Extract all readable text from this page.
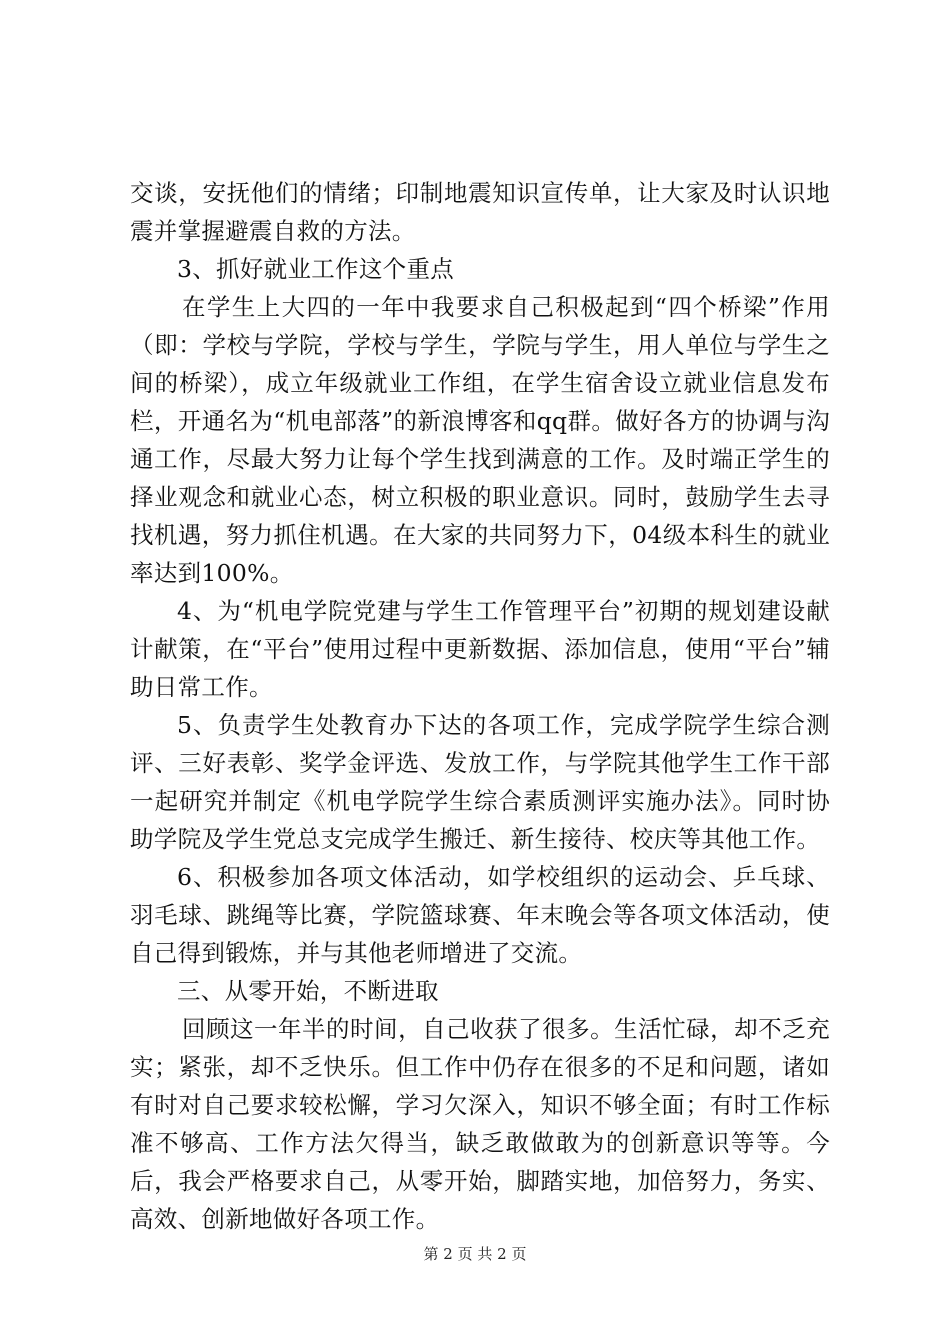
交谈，安抚他们的情绪；印制地震知识宣传单，让大家及时认识地震并掌握避震自救的方法。

3、抓好就业工作这个重点

在学生上大四的一年中我要求自己积极起到“四个桥梁”作用（即：学校与学院，学校与学生，学院与学生，用人单位与学生之间的桥梁），成立年级就业工作组，在学生宿舍设立就业信息发布栏，开通名为“机电部落”的新浪博客和qq群。做好各方的协调与沟通工作，尽最大努力让每个学生找到满意的工作。及时端正学生的择业观念和就业心态，树立积极的职业意识。同时，鼓励学生去寻找机遇，努力抓住机遇。在大家的共同努力下，04级本科生的就业率达到100%。

4、为“机电学院党建与学生工作管理平台”初期的规划建设献计献策，在“平台”使用过程中更新数据、添加信息，使用“平台”辅助日常工作。

5、负责学生处教育办下达的各项工作，完成学院学生综合测评、三好表彰、奖学金评选、发放工作，与学院其他学生工作干部一起研究并制定《机电学院学生综合素质测评实施办法》。同时协助学院及学生党总支完成学生搬迁、新生接待、校庆等其他工作。

6、积极参加各项文体活动，如学校组织的运动会、乒乓球、羽毛球、跳绳等比赛，学院篮球赛、年末晚会等各项文体活动，使自己得到锻炼，并与其他老师增进了交流。

三、从零开始，不断进取

回顾这一年半的时间，自己收获了很多。生活忙碌，却不乏充实；紧张，却不乏快乐。但工作中仍存在很多的不足和问题，诸如有时对自己要求较松懈，学习欠深入，知识不够全面；有时工作标准不够高、工作方法欠得当，缺乏敢做敢为的创新意识等等。今后，我会严格要求自己，从零开始，脚踏实地，加倍努力，务实、高效、创新地做好各项工作。

第 2 页 共 2 页
